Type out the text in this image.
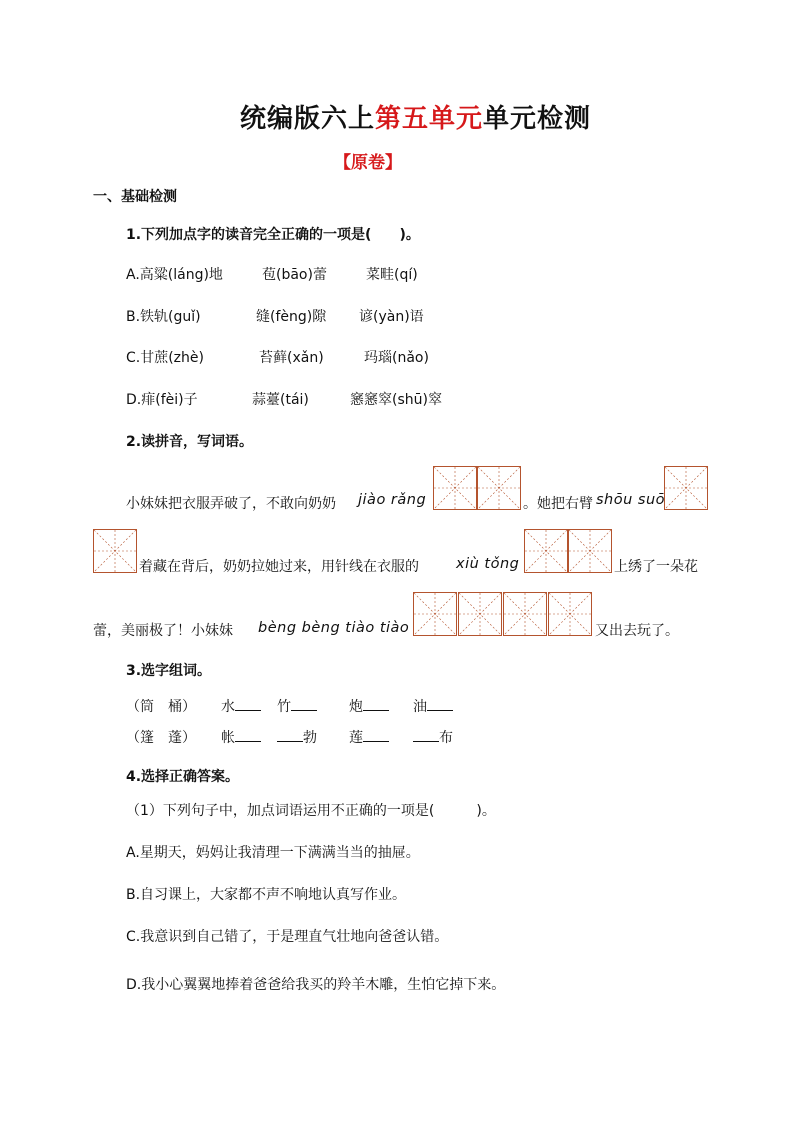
统编版六上第五单元单元检测
【原卷】
一、基础检测
1.下列加点字的读音完全正确的一项是(　　)。
A.高粱(láng)地	苞(bāo)蕾	菜畦(qí)
B.铁轨(guǐ)	缝(fèng)隙 谚(yàn)语
C.甘蔗(zhè)	苔藓(xǎn)	玛瑙(nǎo)
D.痱(fèi)子	蒜薹(tái)	窸窸窣(shū)窣
2.读拼音，写词语。
小妹妹把衣服弄破了，不敢向奶奶 jiào rǎng	。她把右臂 shōu suō
着藏在背后，奶奶拉她过来，用针线在衣服的	xiù tǒng	上绣了一朵花
蕾，美丽极了！小妹妹 bèng bèng tiào tiào	又出去玩了。
3.选字组词。
（筒　桶） 水	竹	炮	油
（篷　蓬） 帐	勃 莲	布
4.选择正确答案。
（1）下列句子中，加点词语运用不正确的一项是(　　　)。
A.星期天，妈妈让我清理一下满满当当的抽屉。
B.自习课上，大家都不声不响地认真写作业。
C.我意识到自己错了，于是理直气壮地向爸爸认错。
D.我小心翼翼地捧着爸爸给我买的羚羊木雕，生怕它掉下来。
